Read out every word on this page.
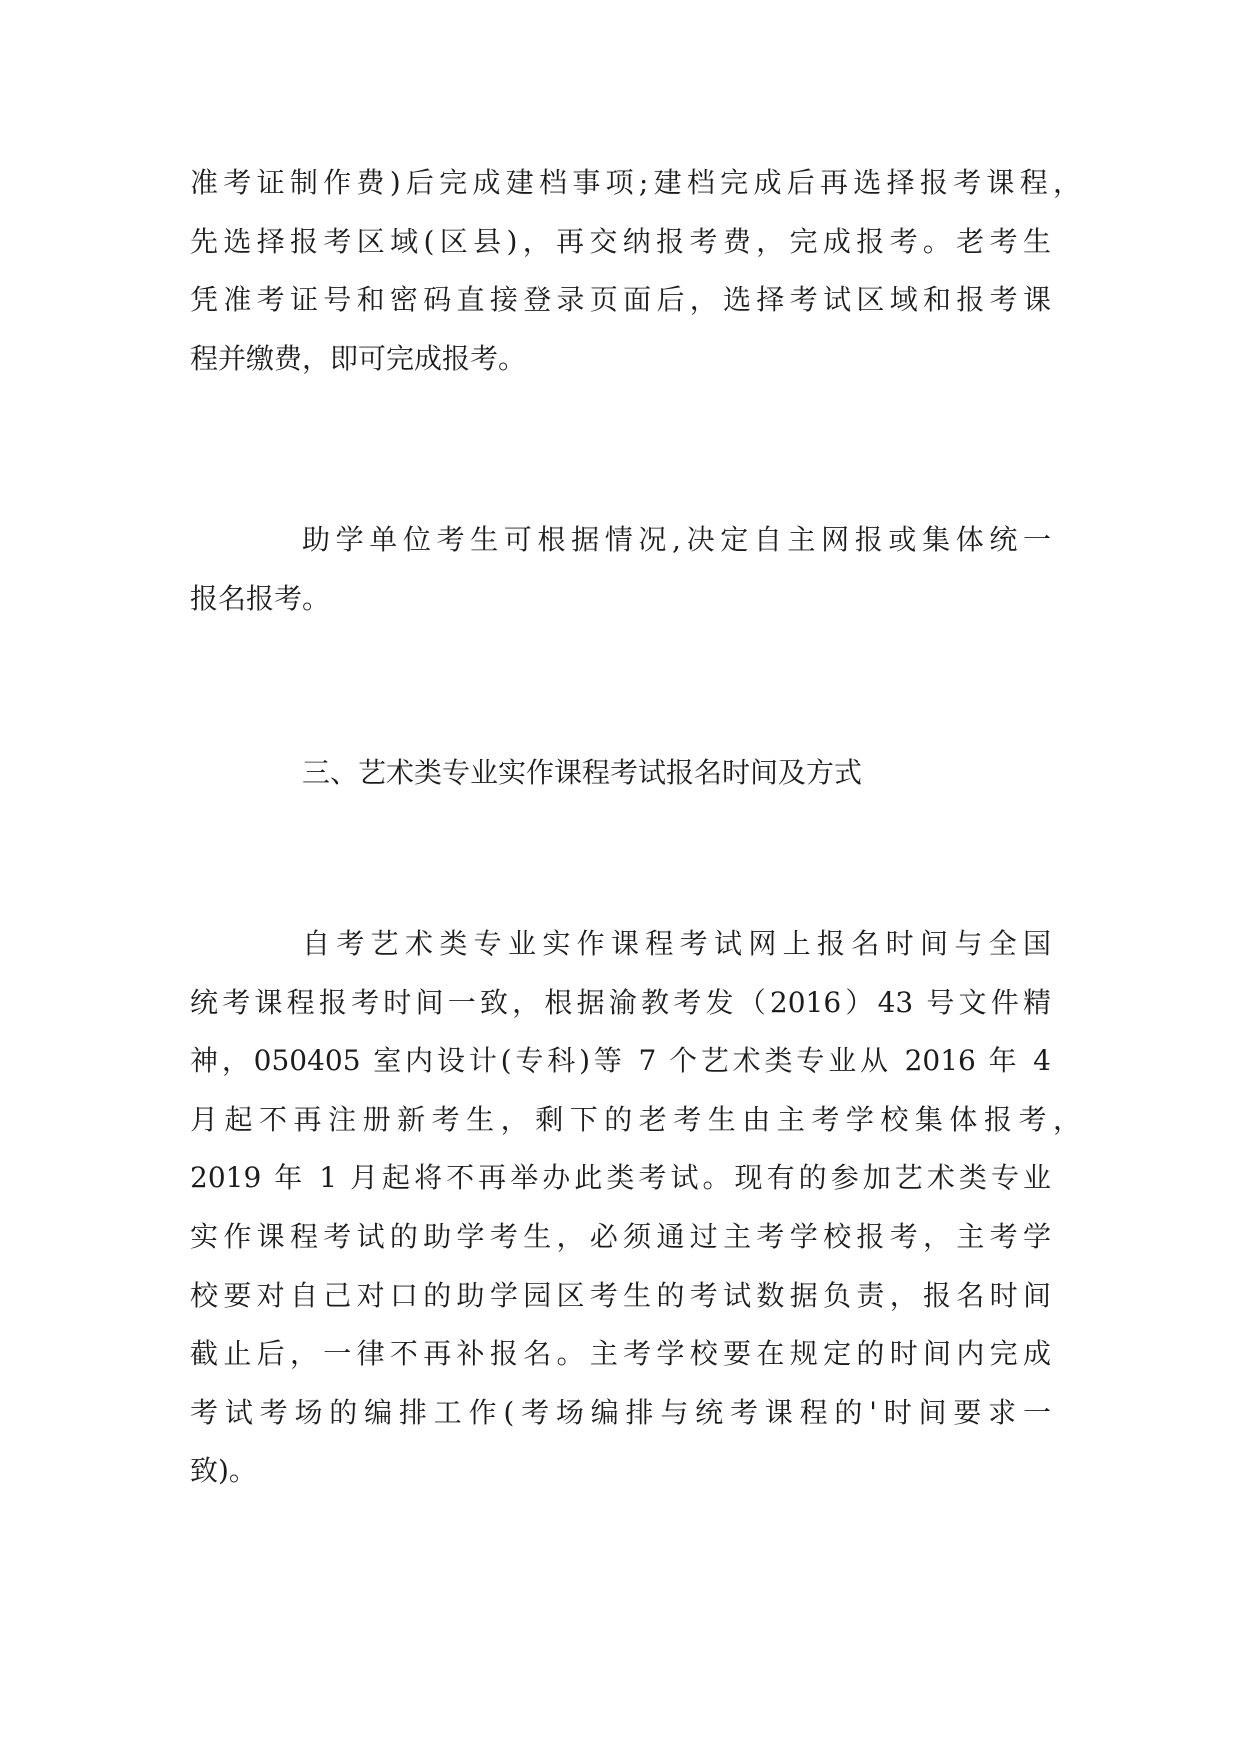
准考证制作费)后完成建档事项;建档完成后再选择报考课程，
先选择报考区域(区县)，再交纳报考费，完成报考。老考生
凭准考证号和密码直接登录页面后，选择考试区域和报考课
程并缴费，即可完成报考。
助学单位考生可根据情况,决定自主网报或集体统一
报名报考。
三、艺术类专业实作课程考试报名时间及方式
自考艺术类专业实作课程考试网上报名时间与全国
统考课程报考时间一致，根据渝教考发（2016）43 号文件精
神，050405 室内设计(专科)等 7 个艺术类专业从 2016 年 4
月起不再注册新考生，剩下的老考生由主考学校集体报考，
2019 年 1 月起将不再举办此类考试。现有的参加艺术类专业
实作课程考试的助学考生，必须通过主考学校报考，主考学
校要对自己对口的助学园区考生的考试数据负责，报名时间
截止后，一律不再补报名。主考学校要在规定的时间内完成
考试考场的编排工作(考场编排与统考课程的'时间要求一
致)。
